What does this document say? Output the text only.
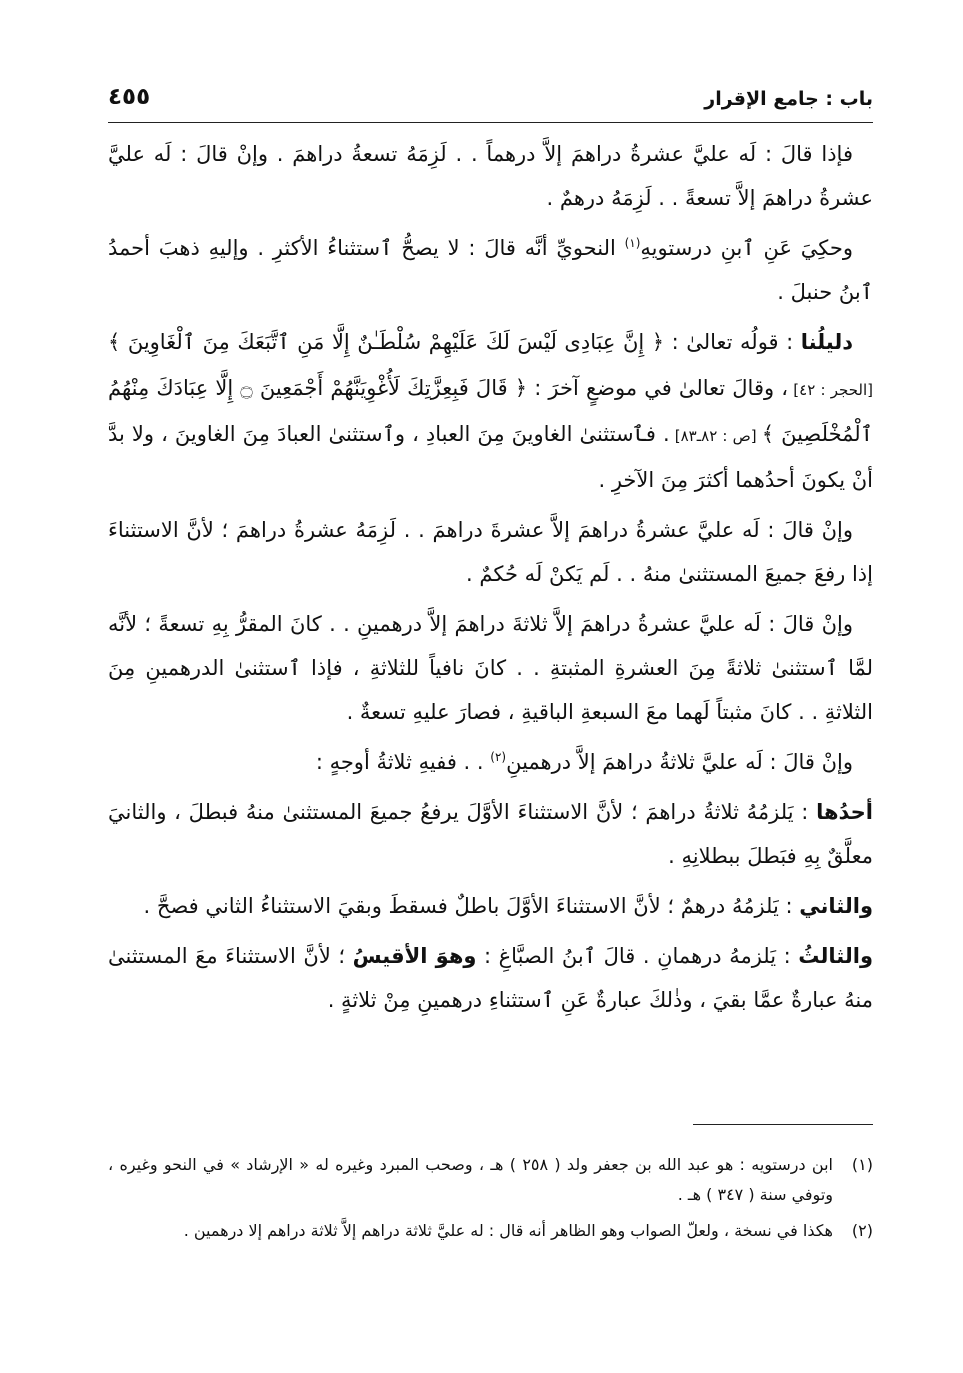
باب : جامع الإقرار
٤٥٥

فإذا قالَ : لَه عليَّ عشرةُ دراهمَ إلاَّ درهماً . . لَزِمَهُ تسعةُ دراهمَ . وإنْ قالَ : لَه عليَّ عشرةُ دراهمَ إلاَّ تسعةً . . لَزِمَهُ درهمٌ .

وحكِيَ عَنِ ٱبنِ درستويهِ$^{(١)}$ النحويِّ أنَّه قالَ : لا يصحُّ ٱستثناءُ الأكثرِ . وإليهِ ذهبَ أحمدُ ٱبنُ حنبلَ .

دليلُنا : قولُه تعالىٰ : ﴿ إِنَّ عِبَادِى لَيْسَ لَكَ عَلَيْهِمْ سُلْطَـٰنٌ إِلَّا مَنِ ٱتَّبَعَكَ مِنَ ٱلْغَاوِينَ ﴾ [الحجر : ٤٢] ، وقالَ تعالىٰ في موضعٍ آخرَ : ﴿ قَالَ فَبِعِزَّتِكَ لَأُغْوِيَنَّهُمْ أَجْمَعِينَ ۝ إِلَّا عِبَادَكَ مِنْهُمُ ٱلْمُخْلَصِينَ ﴾ [ص : ٨٢ـ٨٣] . فٱستثنىٰ الغاوينَ مِنَ العبادِ ، وٱستثنىٰ العبادَ مِنَ الغاوينَ ، ولا بدَّ أنْ يكونَ أحدُهما أكثرَ مِنَ الآخرِ .

وإنْ قالَ : لَه عليَّ عشرةُ دراهمَ إلاَّ عشرةَ دراهمَ . . لَزِمَهُ عشرةُ دراهمَ ؛ لأنَّ الاستثناءَ إذا رفعَ جميعَ المستثنىٰ منهُ . . لَم يَكنْ لَه حُكمٌ .

وإنْ قالَ : لَه عليَّ عشرةُ دراهمَ إلاَّ ثلاثةَ دراهمَ إلاَّ درهمينِ . . كانَ المقرُّ بِهِ تسعةً ؛ لأنَّه لمَّا ٱستثنىٰ ثلاثةً مِنَ العشرةِ المثبتةِ . . كانَ نافياً للثلاثةِ ، فإذا ٱستثنىٰ الدرهمينِ مِنَ الثلاثةِ . . كانَ مثبتاً لَهما معَ السبعةِ الباقيةِ ، فصارَ عليهِ تسعةٌ .

وإنْ قالَ : لَه عليَّ ثلاثةُ دراهمَ إلاَّ درهمينِ$^{(٢)}$ . . ففيهِ ثلاثةُ أوجهٍ :

أحدُها : يَلزمُهُ ثلاثةُ دراهمَ ؛ لأنَّ الاستثناءَ الأوَّلَ يرفعُ جميعَ المستثنىٰ منهُ فبطلَ ، والثانيَ معلَّقٌ بِهِ فبَطلَ ببطلانِهِ .

والثاني : يَلزمُهُ درهمٌ ؛ لأنَّ الاستثناءَ الأوَّلَ باطلٌ فسقطَ وبقيَ الاستثناءُ الثاني فصحَّ .

والثالثُ : يَلزمهُ درهمانِ . قالَ ٱبنُ الصبَّاغِ : وهوَ الأقيسُ ؛ لأنَّ الاستثناءَ معَ المستثنىٰ منهُ عبارةٌ عمَّا بقيَ ، وذٰلكَ عبارةٌ عَنِ ٱستثناءِ درهمينِ مِنْ ثلاثةٍ .

(١)
ابن درستويه : هو عبد الله بن جعفر ولد ( ٢٥٨ ) هـ ، وصحب المبرد وغيره له « الإرشاد » في النحو وغيره ، وتوفي سنة ( ٣٤٧ ) هـ .
(٢)
هكذا في نسخة ، ولعلّ الصواب وهو الظاهر أنه قال : له عليَّ ثلاثة دراهم إلاَّ ثلاثة دراهم إلا درهمين .
